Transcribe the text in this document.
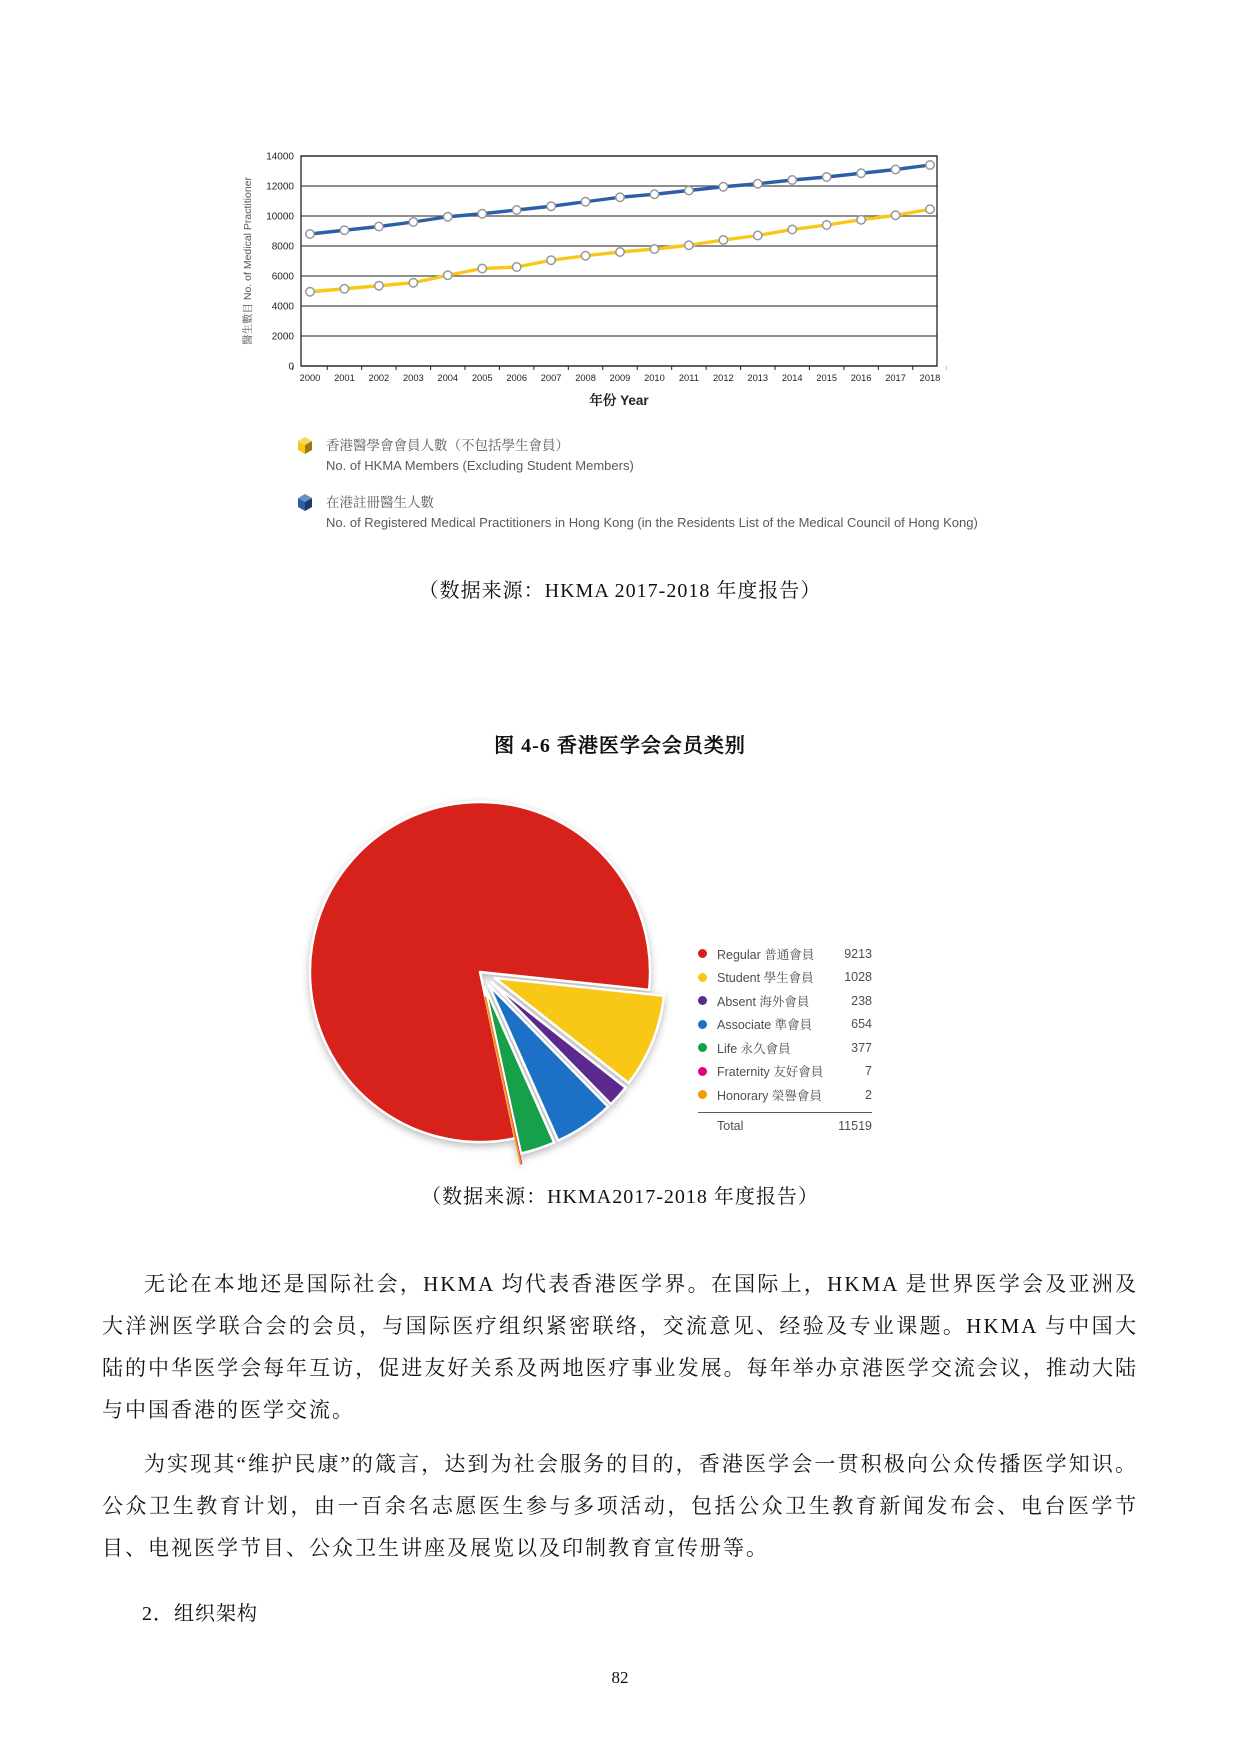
0
2000
4000
6000
8000
10000
12000
14000
2000 2001 2002 2003 2004 2005 2006 2007 2008 2009 2010 2011 2012 2013 2014 2015 2016 2017 2018
醫生數目 No. of Medical Practitioner
年份 Year
香港醫學會會員人數（不包括學生會員）
No. of HKMA Members (Excluding Student Members)
在港註冊醫生人數
No. of Registered Medical Practitioners in Hong Kong (in the Residents List of the Medical Council of Hong Kong)
（数据来源：HKMA 2017-2018 年度报告）
图 4-6 香港医学会会员类别
Regular 普通會員	9213
Student 學生會員	1028
Absent 海外會員	238
Associate 準會員	654
Life 永久會員	377
Fraternity 友好會員	7
Honorary 榮譽會員	2
Total	11519
（数据来源：HKMA2017-2018 年度报告）

无论在本地还是国际社会，HKMA 均代表香港医学界。在国际上，HKMA 是世界医学会及亚洲及大洋洲医学联合会的会员，与国际医疗组织紧密联络，交流意见、经验及专业课题。HKMA 与中国大陆的中华医学会每年互访，促进友好关系及两地医疗事业发展。每年举办京港医学交流会议，推动大陆与中国香港的医学交流。

为实现其“维护民康”的箴言，达到为社会服务的目的，香港医学会一贯积极向公众传播医学知识。公众卫生教育计划，由一百余名志愿医生参与多项活动，包括公众卫生教育新闻发布会、电台医学节目、电视医学节目、公众卫生讲座及展览以及印制教育宣传册等。

2．组织架构
82
